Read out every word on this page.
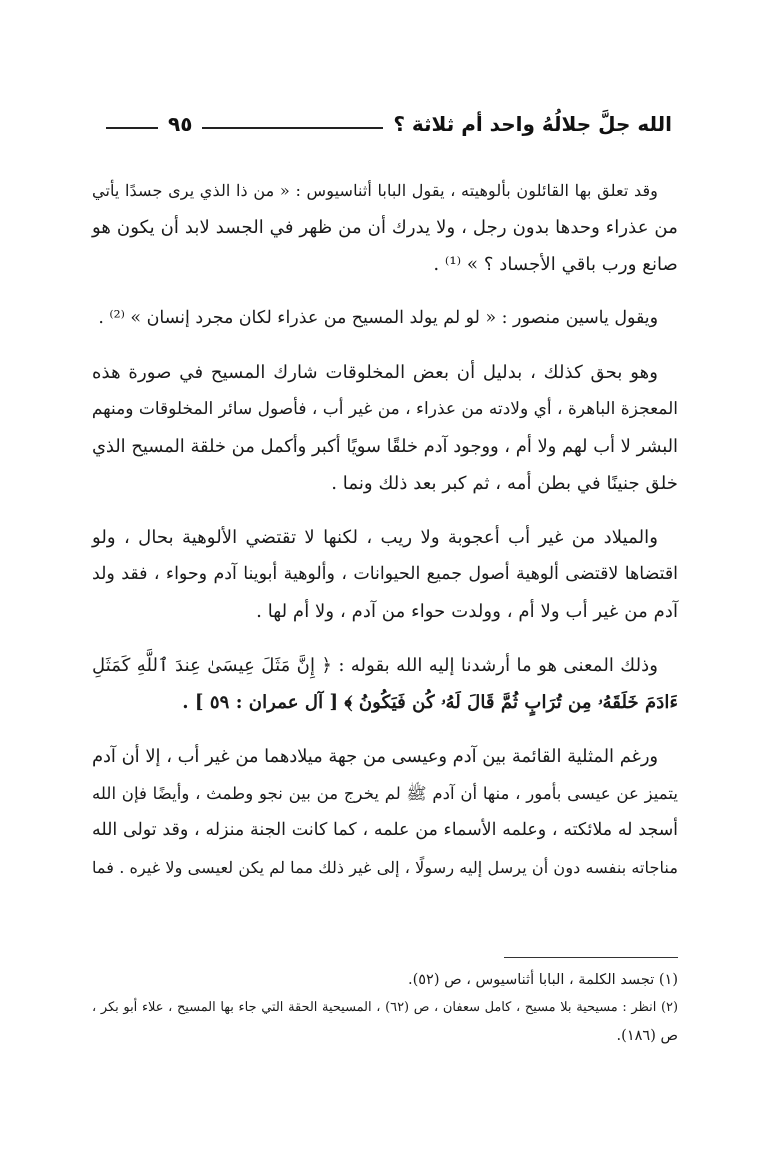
الله جلَّ جلالُهُ واحد أم ثلاثة ؟
٩٥

وقد تعلق بها القائلون بألوهيته ، يقول البابا أثناسيوس : « من ذا الذي يرى جسدًا يأتي
من عذراء وحدها بدون رجل ، ولا يدرك أن من ظهر في الجسد لابد أن يكون هو
صانع ورب باقي الأجساد ؟ » ⁽¹⁾ .

ويقول ياسين منصور : « لو لم يولد المسيح من عذراء لكان مجرد إنسان » ⁽²⁾ .

وهو بحق كذلك ، بدليل أن بعض المخلوقات شارك المسيح في صورة هذه
المعجزة الباهرة ، أي ولادته من عذراء ، من غير أب ، فأصول سائر المخلوقات ومنهم
البشر لا أب لهم ولا أم ، ووجود آدم خلقًا سويًا أكبر وأكمل من خلقة المسيح الذي
خلق جنينًا في بطن أمه ، ثم كبر بعد ذلك ونما .

والميلاد من غير أب أعجوبة ولا ريب ، لكنها لا تقتضي الألوهية بحال ، ولو
اقتضاها لاقتضى ألوهية أصول جميع الحيوانات ، وألوهية أبوينا آدم وحواء ، فقد ولد
آدم من غير أب ولا أم ، وولدت حواء من آدم ، ولا أم لها .

وذلك المعنى هو ما أرشدنا إليه الله بقوله : ﴿ إِنَّ مَثَلَ عِيسَىٰ عِندَ ٱللَّهِ كَمَثَلِ
ءَادَمَ خَلَقَهُۥ مِن تُرَابٍ ثُمَّ قَالَ لَهُۥ كُن فَيَكُونُ ﴾ [ آل عمران : ٥٩ ] .

ورغم المثلية القائمة بين آدم وعيسى من جهة ميلادهما من غير أب ، إلا أن آدم
يتميز عن عيسى بأمور ، منها أن آدم ﷺ لم يخرج من بين نجو وطمث ، وأيضًا فإن الله
أسجد له ملائكته ، وعلمه الأسماء من علمه ، كما كانت الجنة منزله ، وقد تولى الله
مناجاته بنفسه دون أن يرسل إليه رسولًا ، إلى غير ذلك مما لم يكن لعيسى ولا غيره . فما

(١) تجسد الكلمة ، البابا أثناسيوس ، ص (٥٢).

(٢) انظر : مسيحية بلا مسيح ، كامل سعفان ، ص (٦٢) ، المسيحية الحقة التي جاء بها المسيح ، علاء أبو بكر ،
ص (١٨٦).
